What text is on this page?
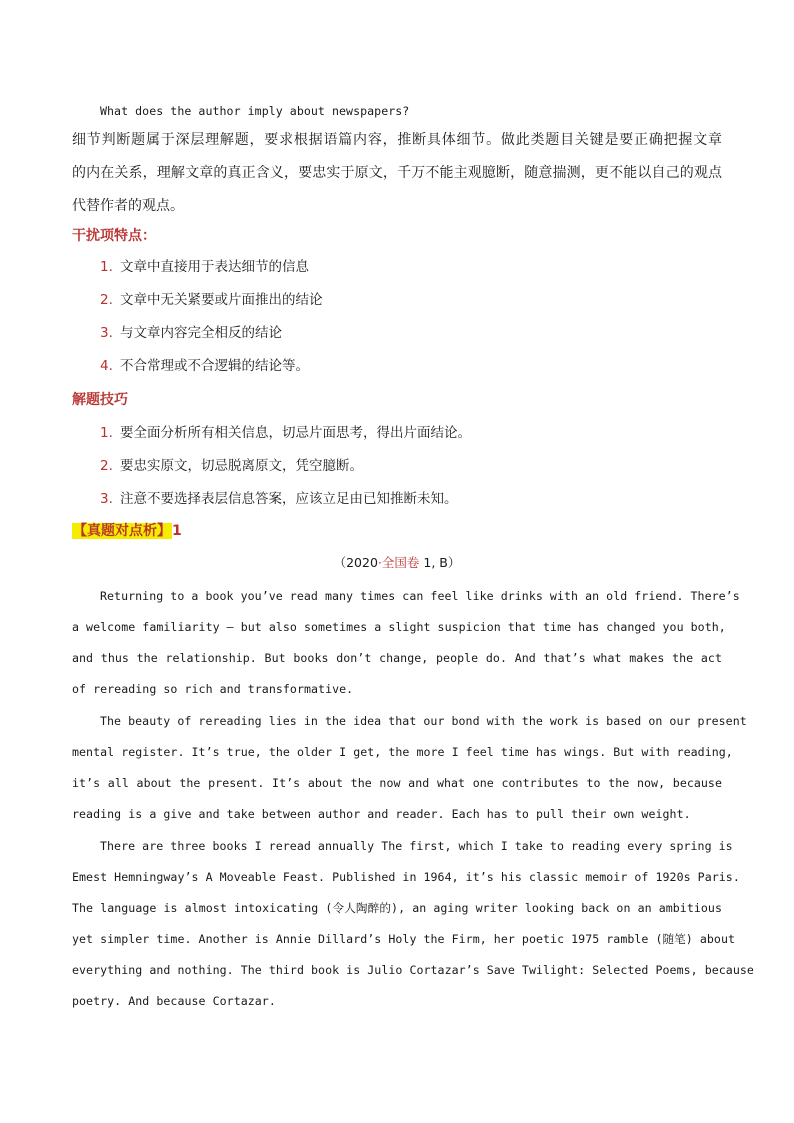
What does the author imply about newspapers?
细节判断题属于深层理解题，要求根据语篇内容，推断具体细节。做此类题目关键是要正确把握文章
的内在关系，理解文章的真正含义，要忠实于原文，千万不能主观臆断，随意揣测，更不能以自己的观点
代替作者的观点。
干扰项特点：
1. 文章中直接用于表达细节的信息
2. 文章中无关紧要或片面推出的结论
3. 与文章内容完全相反的结论
4. 不合常理或不合逻辑的结论等。
解题技巧
1. 要全面分析所有相关信息，切忌片面思考，得出片面结论。
2. 要忠实原文，切忌脱离原文，凭空臆断。
3. 注意不要选择表层信息答案，应该立足由已知推断未知。
【真题对点析】1
（2020·全国卷 1, B）
Returning to a book you’ve read many times can feel like drinks with an old friend. There’s
a welcome familiarity – but also sometimes a slight suspicion that time has changed you both,
and thus the relationship. But books don’t change, people do. And that’s what makes the act
of rereading so rich and transformative.
The beauty of rereading lies in the idea that our bond with the work is based on our present
mental register. It’s true, the older I get, the more I feel time has wings. But with reading,
it’s all about the present. It’s about the now and what one contributes to the now, because
reading is a give and take between author and reader. Each has to pull their own weight.
There are three books I reread annually The first, which I take to reading every spring is
Emest Hemningway’s A Moveable Feast. Published in 1964, it’s his classic memoir of 1920s Paris.
The language is almost intoxicating (令人陶醉的), an aging writer looking back on an ambitious
yet simpler time. Another is Annie Dillard’s Holy the Firm, her poetic 1975 ramble (随笔) about
everything and nothing. The third book is Julio Cortazar’s Save Twilight: Selected Poems, because
poetry. And because Cortazar.
